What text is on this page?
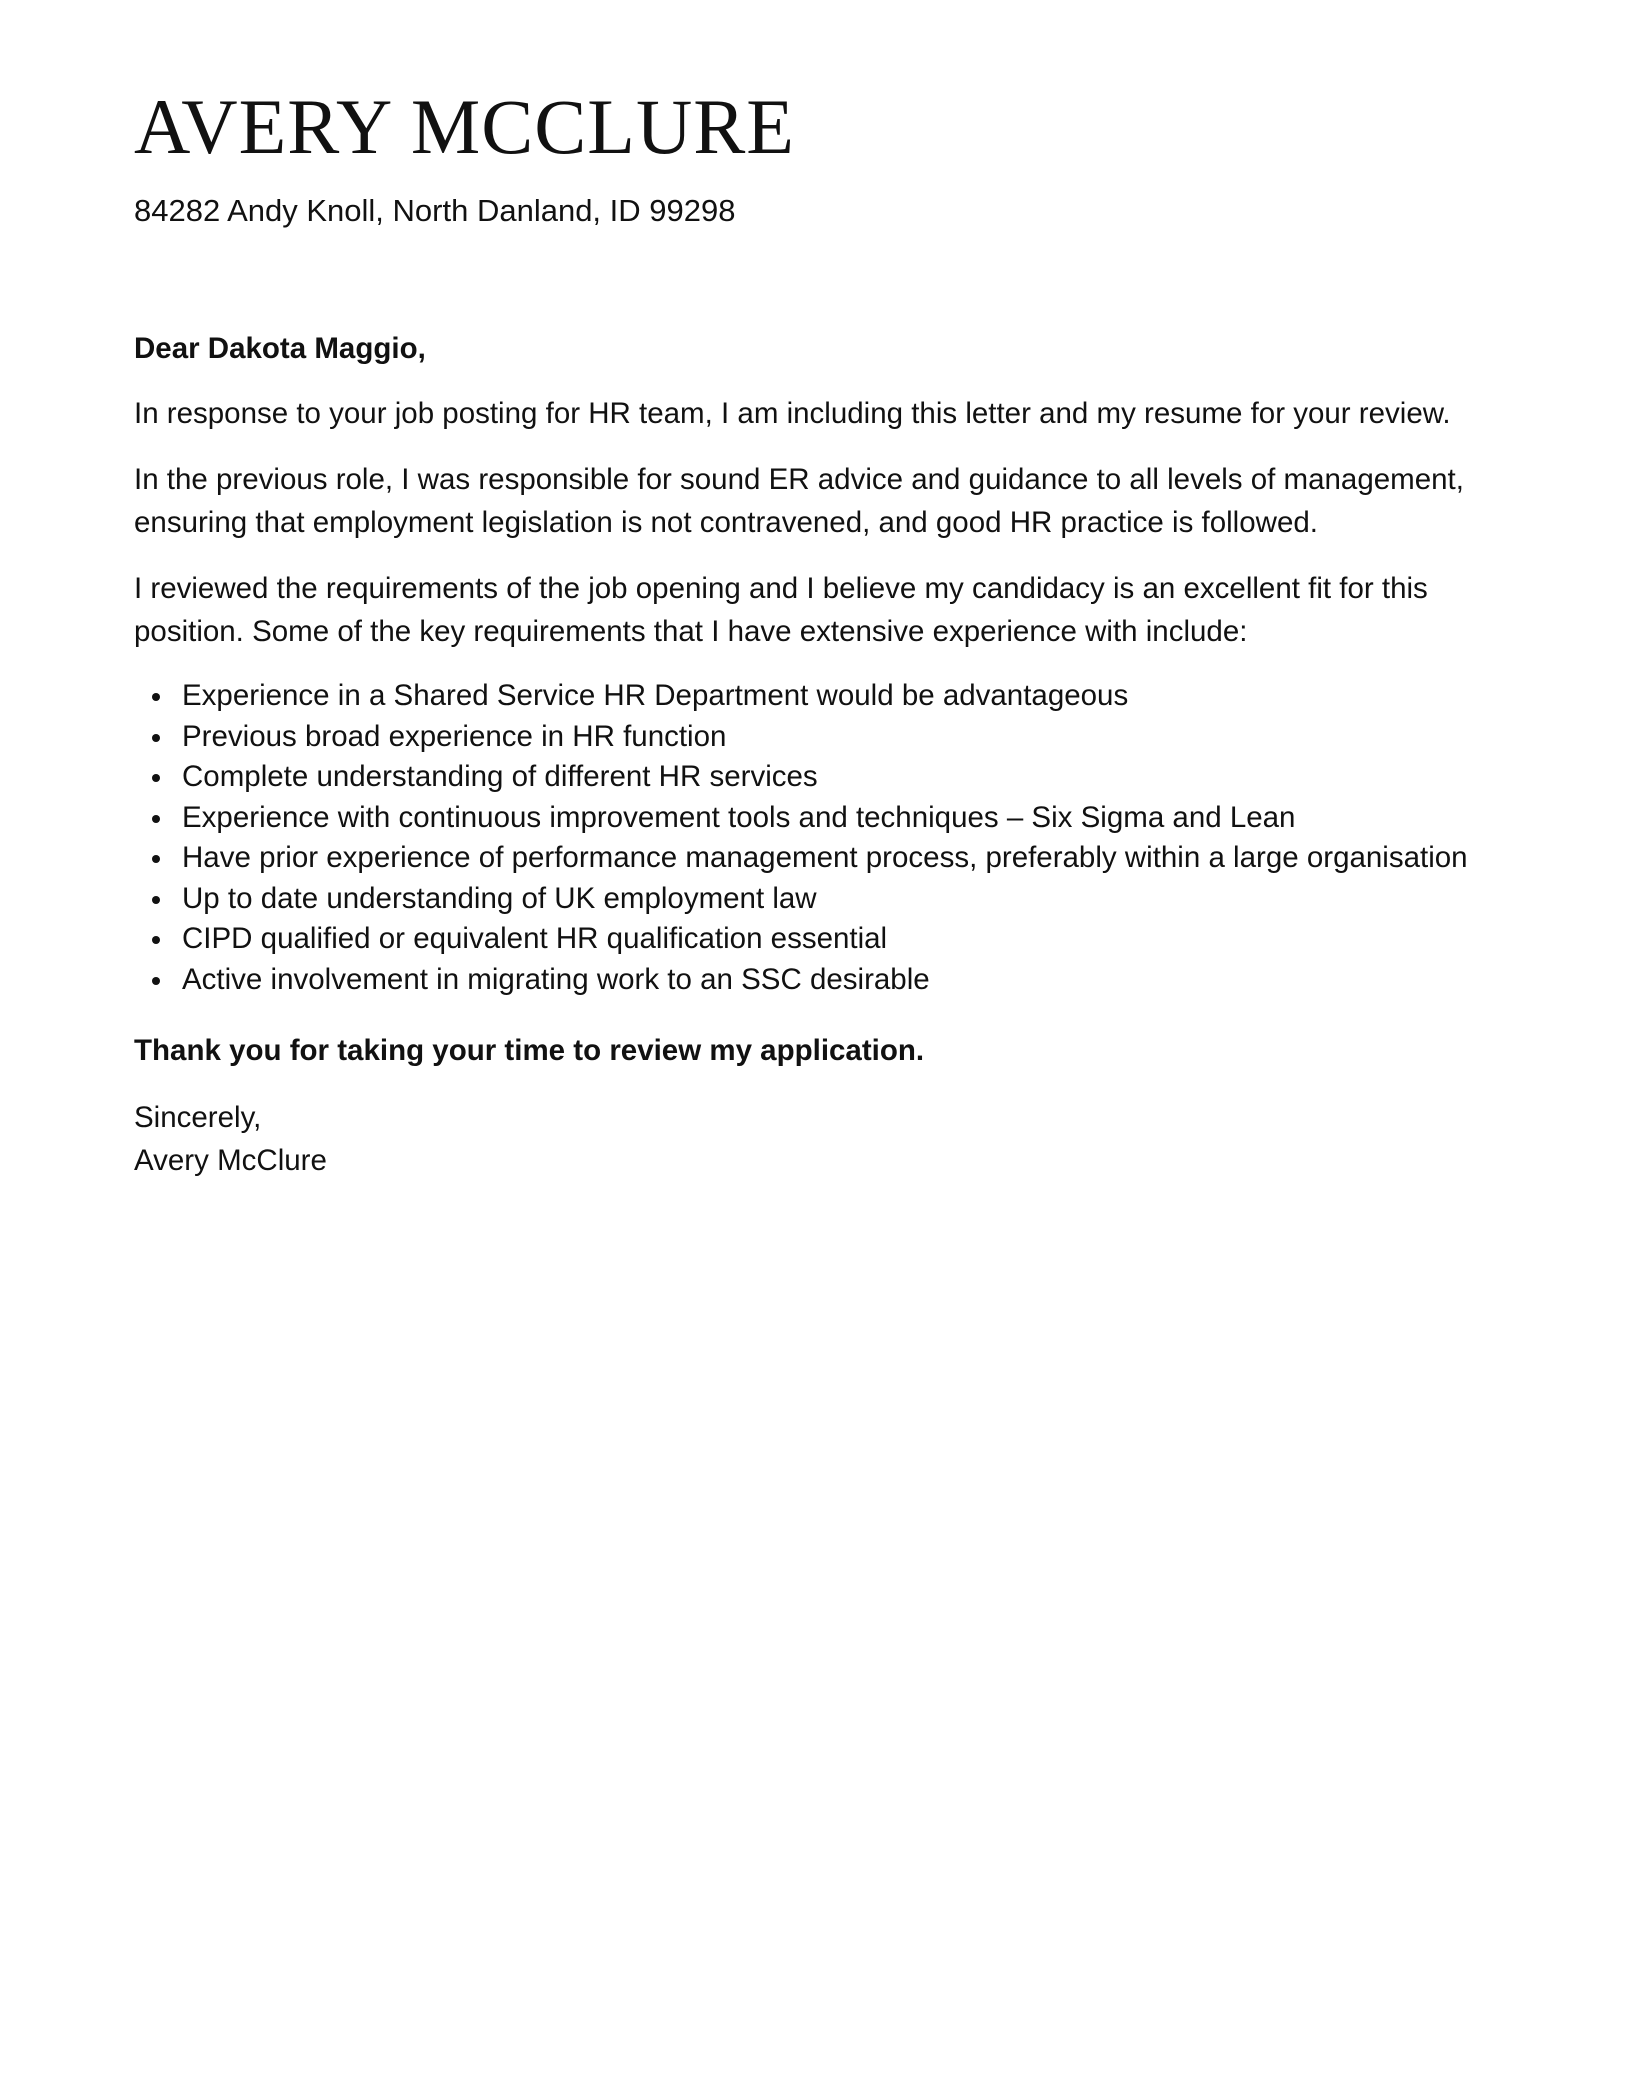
AVERY MCCLURE
84282 Andy Knoll, North Danland, ID 99298

Dear Dakota Maggio,

In response to your job posting for HR team, I am including this letter and my resume for your review.

In the previous role, I was responsible for sound ER advice and guidance to all levels of management, ensuring that employment legislation is not contravened, and good HR practice is followed.

I reviewed the requirements of the job opening and I believe my candidacy is an excellent fit for this position. Some of the key requirements that I have extensive experience with include:

Experience in a Shared Service HR Department would be advantageous
Previous broad experience in HR function
Complete understanding of different HR services
Experience with continuous improvement tools and techniques – Six Sigma and Lean
Have prior experience of performance management process, preferably within a large organisation
Up to date understanding of UK employment law
CIPD qualified or equivalent HR qualification essential
Active involvement in migrating work to an SSC desirable

Thank you for taking your time to review my application.

Sincerely,

Avery McClure
